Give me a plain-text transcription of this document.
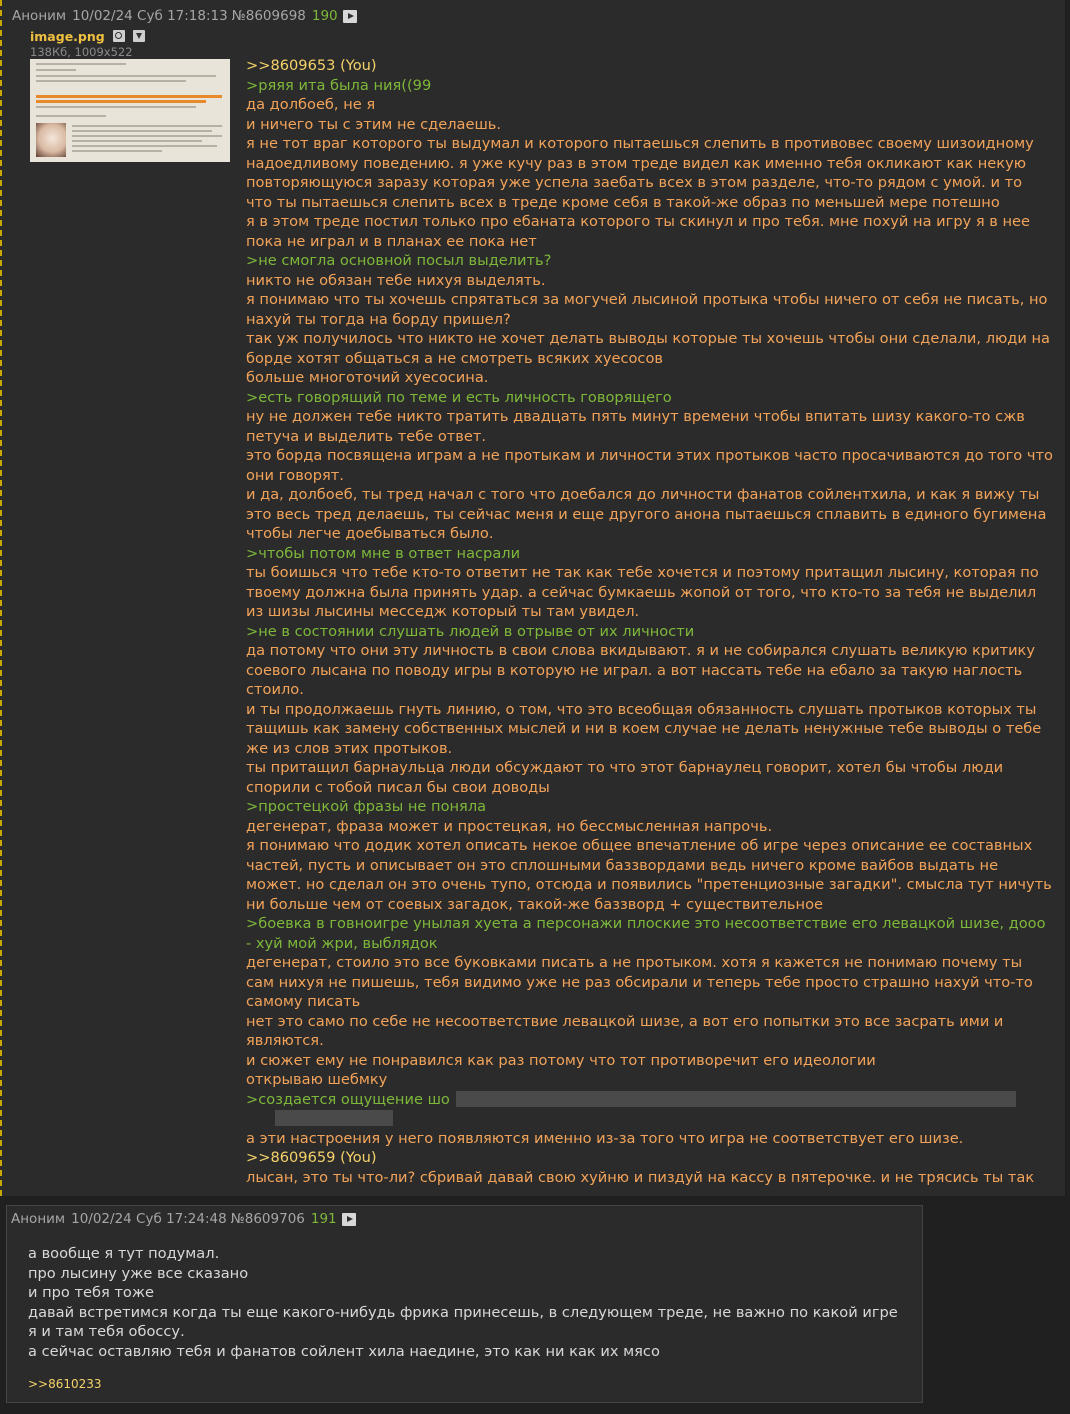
Аноним 10/02/24 Суб 17:18:13 №8609698 190
image.png
138Кб, 1009x522
>>8609653 (You)
>ряяя ита была ния((99
да долбоеб, не я
и ничего ты с этим не сделаешь.
я не тот враг которого ты выдумал и которого пытаешься слепить в противовес своему шизоидному
надоедливому поведению. я уже кучу раз в этом треде видел как именно тебя окликают как некую
повторяющуюся заразу которая уже успела заебать всех в этом разделе, что-то рядом с умой. и то
что ты пытаешься слепить всех в треде кроме себя в такой-же образ по меньшей мере потешно
я в этом треде постил только про ебаната которого ты скинул и про тебя. мне похуй на игру я в нее
пока не играл и в планах ее пока нет
>не смогла основной посыл выделить?
никто не обязан тебе нихуя выделять.
я понимаю что ты хочешь спрятаться за могучей лысиной протыка чтобы ничего от себя не писать, но
нахуй ты тогда на борду пришел?
так уж получилось что никто не хочет делать выводы которые ты хочешь чтобы они сделали, люди на
борде хотят общаться а не смотреть всяких хуесосов
больше многоточий хуесосина.
>есть говорящий по теме и есть личность говорящего
ну не должен тебе никто тратить двадцать пять минут времени чтобы впитать шизу какого-то сжв
петуча и выделить тебе ответ.
это борда посвящена играм а не протыкам и личности этих протыков часто просачиваются до того что
они говорят.
и да, долбоеб, ты тред начал с того что доебался до личности фанатов сойлентхила, и как я вижу ты
это весь тред делаешь, ты сейчас меня и еще другого анона пытаешься сплавить в единого бугимена
чтобы легче доебываться было.
>чтобы потом мне в ответ насрали
ты боишься что тебе кто-то ответит не так как тебе хочется и поэтому притащил лысину, которая по
твоему должна была принять удар. а сейчас бумкаешь жопой от того, что кто-то за тебя не выделил
из шизы лысины месседж который ты там увидел.
>не в состоянии слушать людей в отрыве от их личности
да потому что они эту личность в свои слова вкидывают. я и не собирался слушать великую критику
соевого лысана по поводу игры в которую не играл. а вот нассать тебе на ебало за такую наглость
стоило.
и ты продолжаешь гнуть линию, о том, что это всеобщая обязанность слушать протыков которых ты
тащишь как замену собственных мыслей и ни в коем случае не делать ненужные тебе выводы о тебе
же из слов этих протыков.
ты притащил барнаульца люди обсуждают то что этот барнаулец говорит, хотел бы чтобы люди
спорили с тобой писал бы свои доводы
>простецкой фразы не поняла
дегенерат, фраза может и простецкая, но бессмысленная напрочь.
я понимаю что додик хотел описать некое общее впечатление об игре через описание ее составных
частей, пусть и описывает он это сплошными баззвордами ведь ничего кроме вайбов выдать не
может. но сделал он это очень тупо, отсюда и появились "претенциозные загадки". смысла тут ничуть
ни больше чем от соевых загадок, такой-же баззворд + существительное
>боевка в говноигре унылая хуета а персонажи плоские это несоответствие его левацкой шизе, дооо
- хуй мой жри, выблядок
дегенерат, стоило это все буковками писать а не протыком. хотя я кажется не понимаю почему ты
сам нихуя не пишешь, тебя видимо уже не раз обсирали и теперь тебе просто страшно нахуй что-то
самому писать
нет это само по себе не несоответствие левацкой шизе, а вот его попытки это все засрать ими и
являются.
и сюжет ему не понравился как раз потому что тот противоречит его идеологии
открываю шебмку
>создается ощущение шо
а эти настроения у него появляются именно из-за того что игра не соответствует его шизе.
>>8609659 (You)
лысан, это ты что-ли? сбривай давай свою хуйню и пиздуй на кассу в пятерочке. и не трясись ты так
Аноним 10/02/24 Суб 17:24:48 №8609706 191
а вообще я тут подумал.
про лысину уже все сказано
и про тебя тоже
давай встретимся когда ты еще какого-нибудь фрика принесешь, в следующем треде, не важно по какой игре
я и там тебя обоссу.
а сейчас оставляю тебя и фанатов сойлент хила наедине, это как ни как их мясо
>>8610233
